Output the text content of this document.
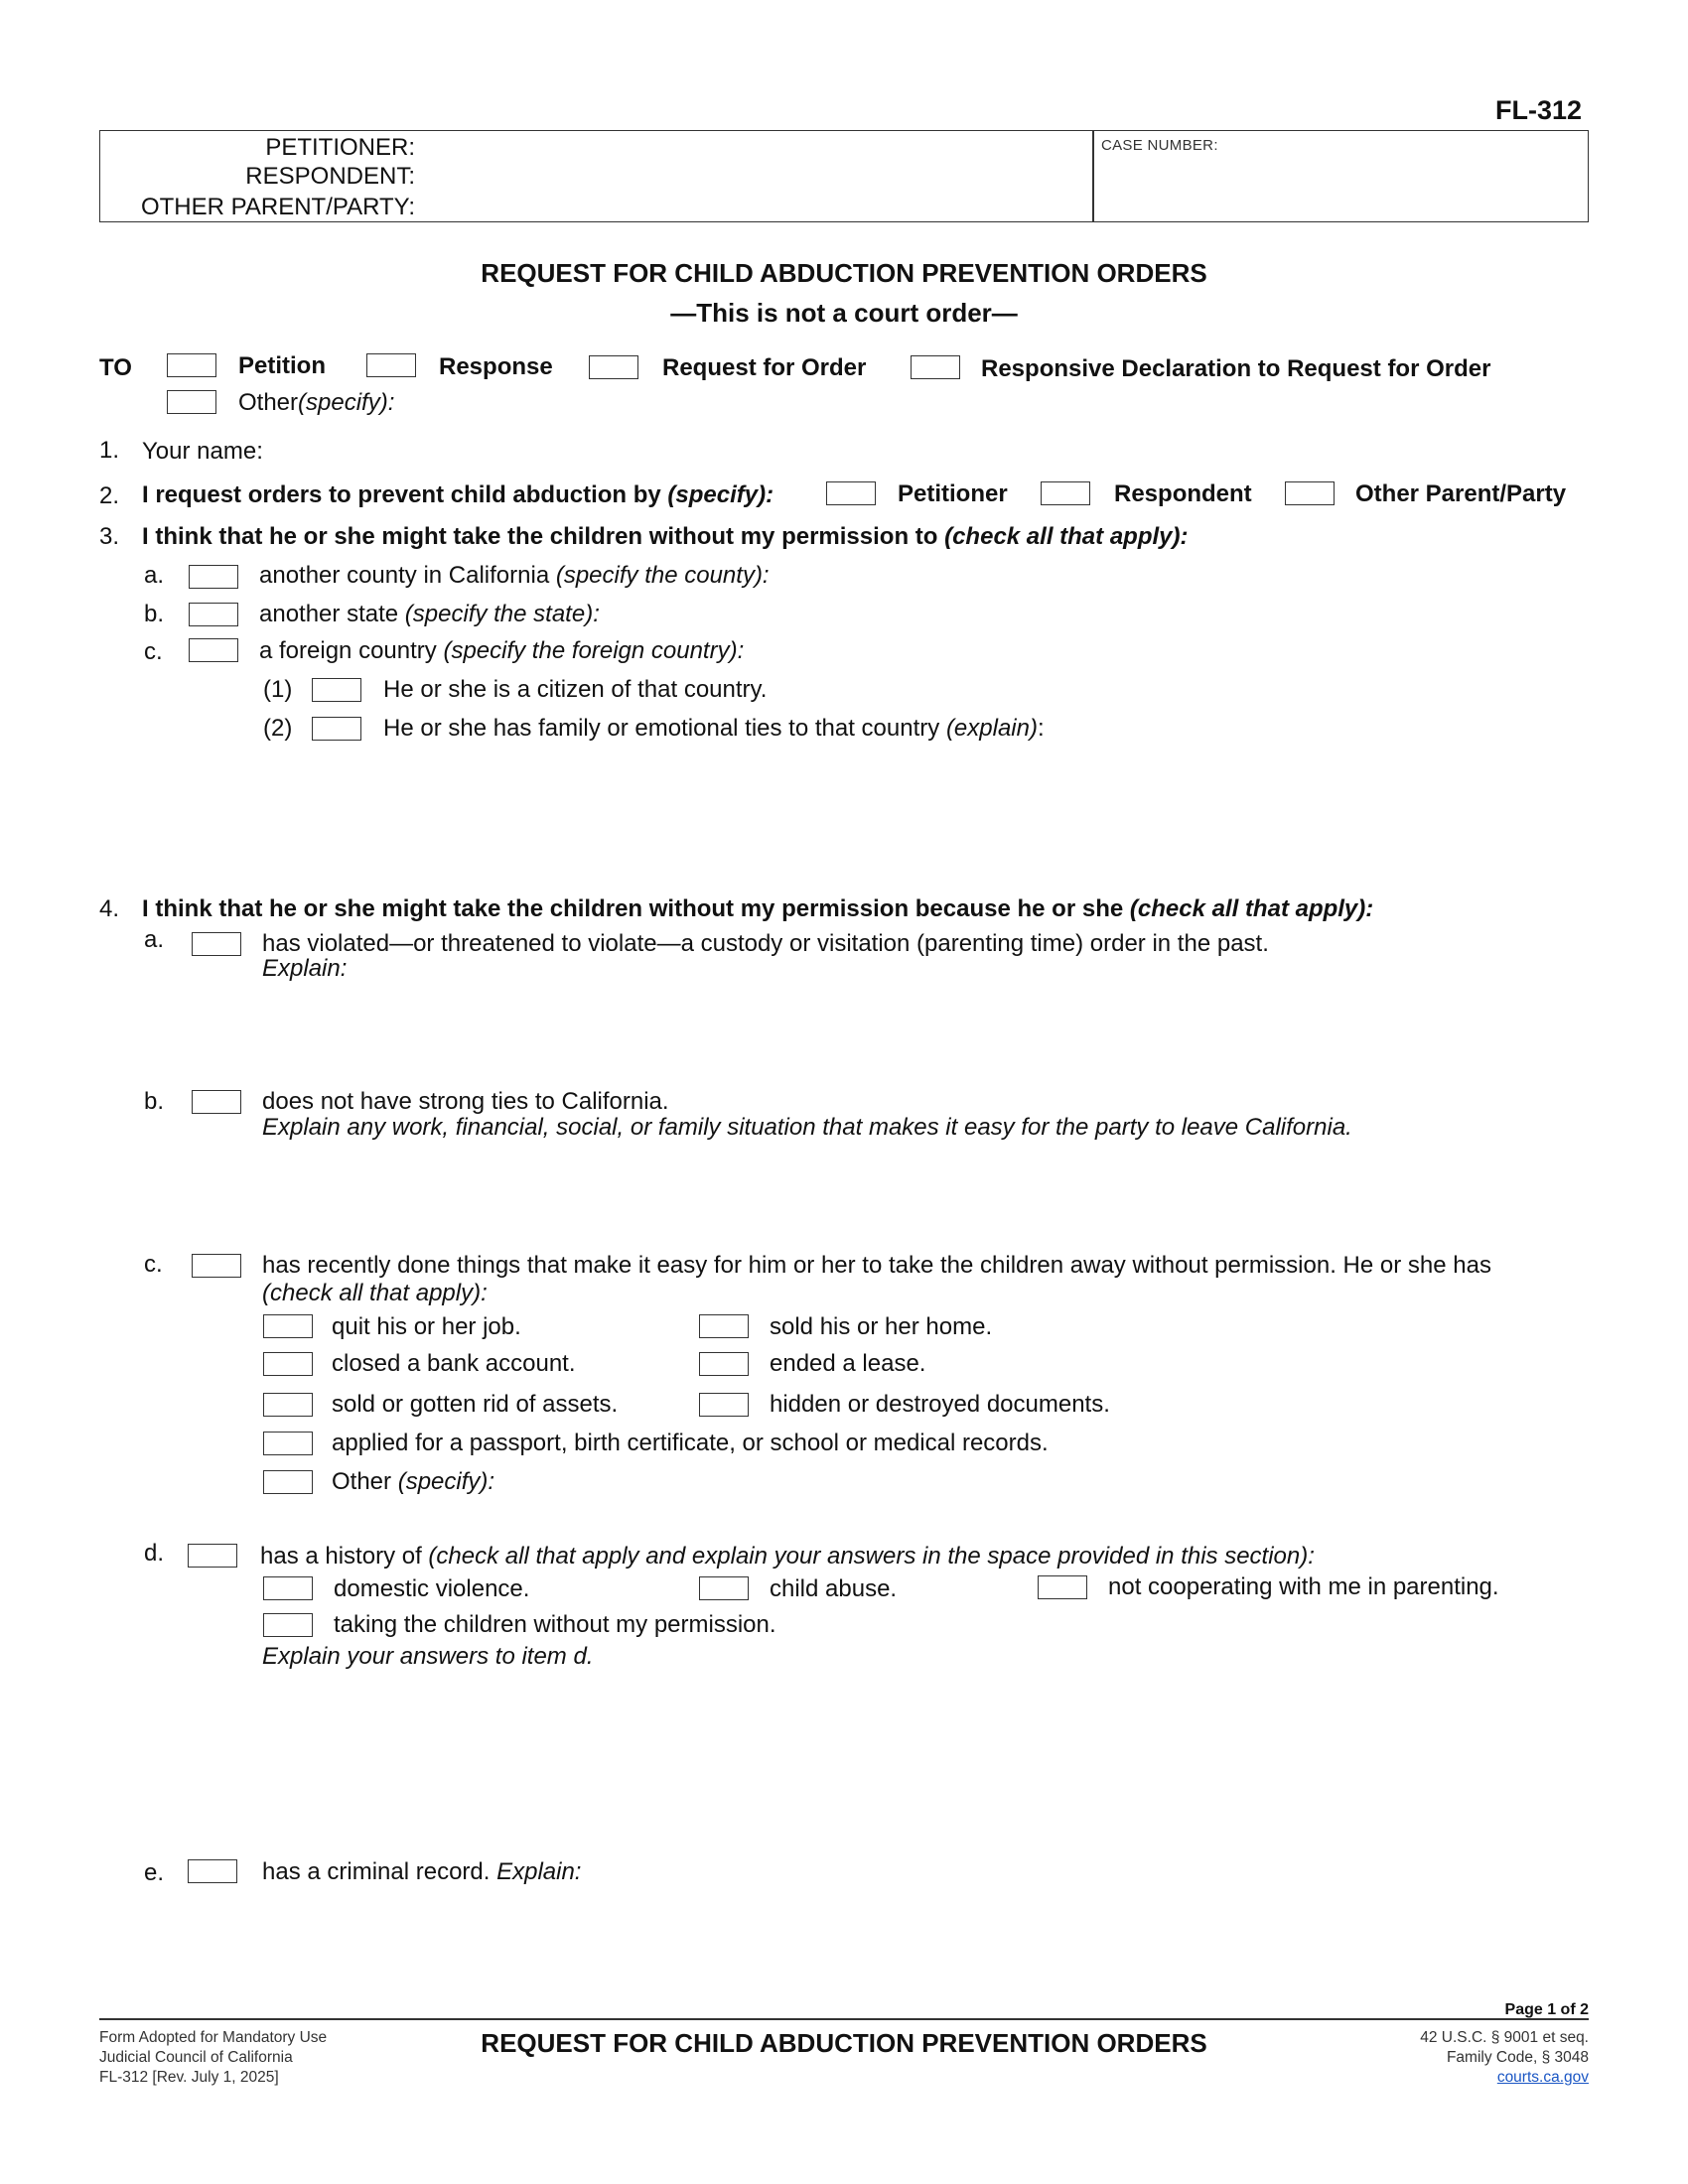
FL-312
PETITIONER:
RESPONDENT:
OTHER PARENT/PARTY:
CASE NUMBER:
REQUEST FOR CHILD ABDUCTION PREVENTION ORDERS
—This is not a court order—
TO	Petition	Response	Request for Order	Responsive Declaration to Request for Order
Other(specify):
1. Your name:
2. I request orders to prevent child abduction by (specify):	Petitioner	Respondent	Other Parent/Party
3. I think that he or she might take the children without my permission to (check all that apply):
a.	another county in California (specify the county):
b.	another state (specify the state):
c.	a foreign country (specify the foreign country):
(1)	He or she is a citizen of that country.
(2)	He or she has family or emotional ties to that country (explain):
4. I think that he or she might take the children without my permission because he or she (check all that apply):
a.	has violated—or threatened to violate—a custody or visitation (parenting time) order in the past.
Explain:
b.	does not have strong ties to California.
Explain any work, financial, social, or family situation that makes it easy for the party to leave California.
c.	has recently done things that make it easy for him or her to take the children away without permission. He or she has
(check all that apply):
quit his or her job.	sold his or her home.
closed a bank account.	ended a lease.
sold or gotten rid of assets.	hidden or destroyed documents.
applied for a passport, birth certificate, or school or medical records.
Other (specify):
d.	has a history of (check all that apply and explain your answers in the space provided in this section):
domestic violence.	child abuse.	not cooperating with me in parenting.
taking the children without my permission.
Explain your answers to item d.
e.	has a criminal record. Explain:
Page 1 of 2
Form Adopted for Mandatory Use
Judicial Council of California
FL-312 [Rev. July 1, 2025]
REQUEST FOR CHILD ABDUCTION PREVENTION ORDERS	42 U.S.C. § 9001 et seq.
Family Code, § 3048
courts.ca.gov
